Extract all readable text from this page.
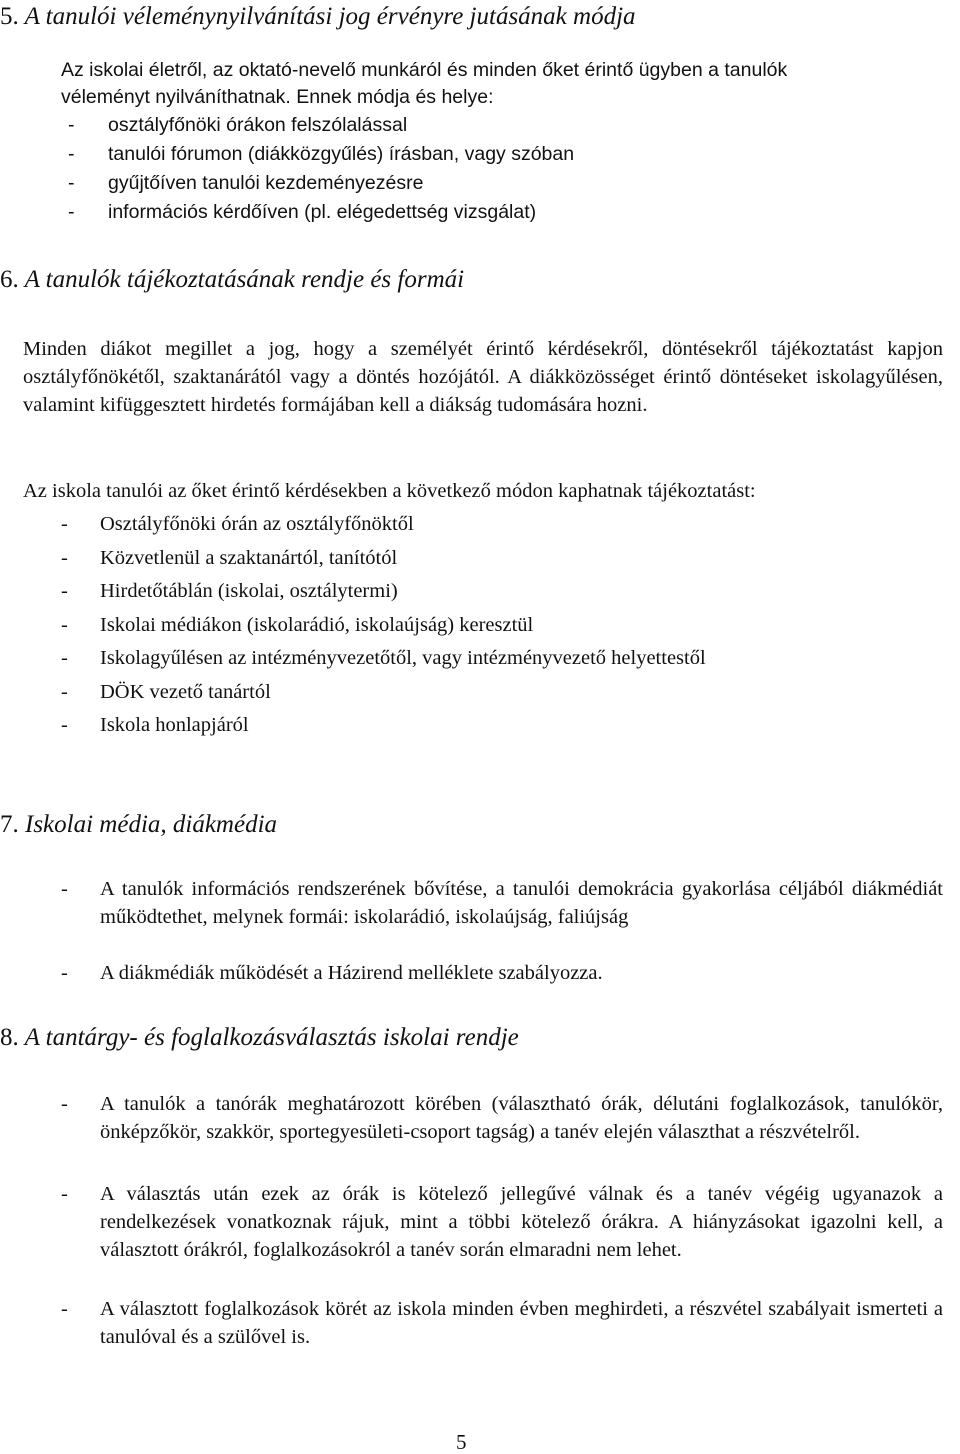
5. A tanulói véleménynyilvánítási jog érvényre jutásának módja
Az iskolai életről, az oktató-nevelő munkáról és minden őket érintő ügyben a tanulók
véleményt nyilváníthatnak. Ennek módja és helye:
- osztályfőnöki órákon felszólalással
- tanulói fórumon (diákközgyűlés) írásban, vagy szóban
- gyűjtőíven tanulói kezdeményezésre
- információs kérdőíven (pl. elégedettség vizsgálat)
6. A tanulók tájékoztatásának rendje és formái
Minden diákot megillet a jog, hogy a személyét érintő kérdésekről, döntésekről tájékoztatást kapjon osztályfőnökétől, szaktanárától vagy a döntés hozójától. A diákközösséget érintő döntéseket iskolagyűlésen, valamint kifüggesztett hirdetés formájában kell a diákság tudomására hozni.
Az iskola tanulói az őket érintő kérdésekben a következő módon kaphatnak tájékoztatást:
- Osztályfőnöki órán az osztályfőnöktől
- Közvetlenül a szaktanártól, tanítótól
- Hirdetőtáblán (iskolai, osztálytermi)
- Iskolai médiákon (iskolarádió, iskolaújság) keresztül
- Iskolagyűlésen az intézményvezetőtől, vagy intézményvezető helyettestől
- DÖK vezető tanártól
- Iskola honlapjáról
7. Iskolai média, diákmédia
- A tanulók információs rendszerének bővítése, a tanulói demokrácia gyakorlása céljából diákmédiát működtethet, melynek formái: iskolarádió, iskolaújság, faliújság
- A diákmédiák működését a Házirend melléklete szabályozza.
8. A tantárgy- és foglalkozásválasztás iskolai rendje
- A tanulók a tanórák meghatározott körében (választható órák, délutáni foglalkozások, tanulókör, önképzőkör, szakkör, sportegyesületi-csoport tagság) a tanév elején választhat a részvételről.
- A választás után ezek az órák is kötelező jellegűvé válnak és a tanév végéig ugyanazok a rendelkezések vonatkoznak rájuk, mint a többi kötelező órákra. A hiányzásokat igazolni kell, a választott órákról, foglalkozásokról a tanév során elmaradni nem lehet.
- A választott foglalkozások körét az iskola minden évben meghirdeti, a részvétel szabályait ismerteti a tanulóval és a szülővel is.
5
